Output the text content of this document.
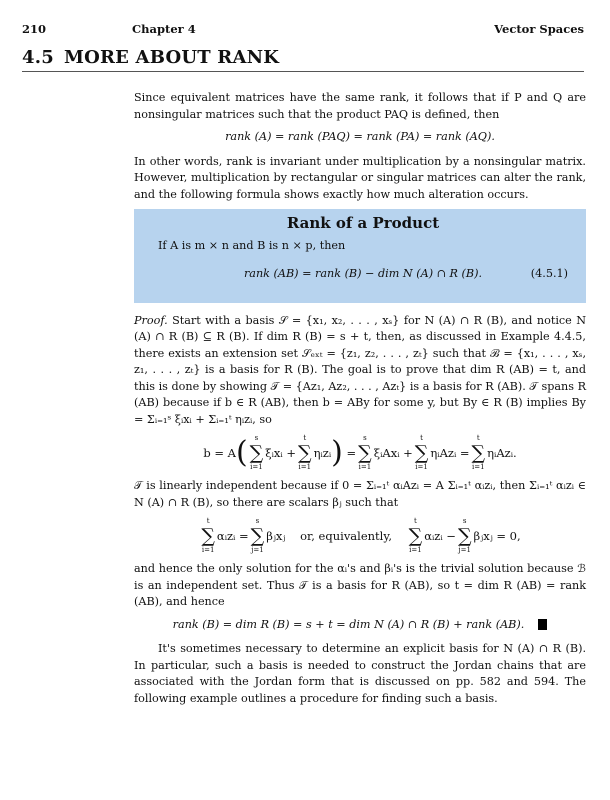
210	Chapter 4	Vector Spaces
4.5 MORE ABOUT RANK

Since equivalent matrices have the same rank, it follows that if P and Q are nonsingular matrices such that the product PAQ is defined, then

rank (A) = rank (PAQ) = rank (PA) = rank (AQ).

In other words, rank is invariant under multiplication by a nonsingular matrix. However, multiplication by rectangular or singular matrices can alter the rank, and the following formula shows exactly how much alteration occurs.

Rank of a Product
If A is m × n and B is n × p, then
rank (AB) = rank (B) − dim N (A) ∩ R (B).	(4.5.1)

Proof. Start with a basis 𝒮 = {x₁, x₂, . . . , xₛ} for N (A) ∩ R (B), and notice N (A) ∩ R (B) ⊆ R (B). If dim R (B) = s + t, then, as discussed in Example 4.4.5, there exists an extension set 𝒮ₑₓₜ = {z₁, z₂, . . . , zₜ} such that ℬ = {x₁, . . . , xₛ, z₁, . . . , zₜ} is a basis for R (B). The goal is to prove that dim R (AB) = t, and this is done by showing 𝒯 = {Az₁, Az₂, . . . , Azₜ} is a basis for R (AB). 𝒯 spans R (AB) because if b ∈ R (AB), then b = ABy for some y, but By ∈ R (B) implies By = Σᵢ₌₁ˢ ξᵢxᵢ + Σᵢ₌₁ᵗ ηᵢzᵢ, so

b = A( s
∑
i=1
ξᵢxᵢ +
t
∑
i=1
ηᵢzᵢ) =
s
∑
i=1
ξᵢAxᵢ +
t
∑
i=1
ηᵢAzᵢ =
t
∑
i=1
ηᵢAzᵢ.

𝒯 is linearly independent because if 0 = Σᵢ₌₁ᵗ αᵢAzᵢ = A Σᵢ₌₁ᵗ αᵢzᵢ, then Σᵢ₌₁ᵗ αᵢzᵢ ∈ N (A) ∩ R (B), so there are scalars βⱼ such that

t
∑
i=1
αᵢzᵢ =
s
∑
j=1
βⱼxⱼ or, equivalently,
t
∑
i=1
αᵢzᵢ −
s
∑
j=1
βⱼxⱼ = 0,

and hence the only solution for the αᵢ's and βᵢ's is the trivial solution because ℬ is an independent set. Thus 𝒯 is a basis for R (AB), so t = dim R (AB) = rank (AB), and hence

rank (B) = dim R (B) = s + t = dim N (A) ∩ R (B) + rank (AB).

It's sometimes necessary to determine an explicit basis for N (A) ∩ R (B). In particular, such a basis is needed to construct the Jordan chains that are associated with the Jordan form that is discussed on pp. 582 and 594. The following example outlines a procedure for finding such a basis.
